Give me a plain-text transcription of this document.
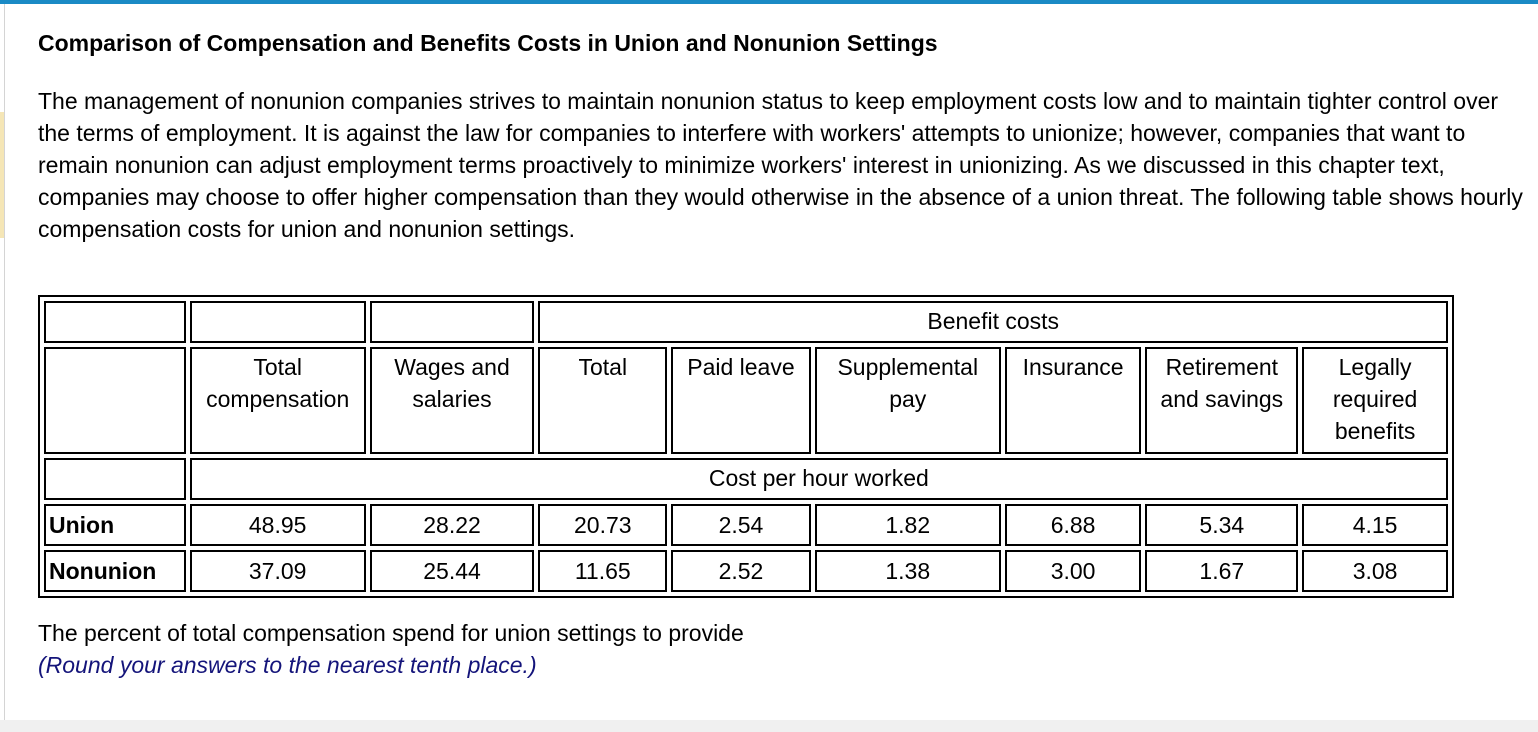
Comparison of Compensation and Benefits Costs in Union and Nonunion Settings

The management of nonunion companies strives to maintain nonunion status to keep employment costs low and to maintain tighter control over the terms of employment. It is against the law for companies to interfere with workers' attempts to unionize; however, companies that want to remain nonunion can adjust employment terms proactively to minimize workers' interest in unionizing. As we discussed in this chapter text, companies may choose to offer higher compensation than they would otherwise in the absence of a union threat. The following table shows hourly compensation costs for union and nonunion settings.

			Benefit costs					
	Total compensation	Wages and salaries	Total	Paid leave	Supplemental pay	Insurance	Retirement and savings	Legally required benefits
	Cost per hour worked							
Union	48.95	28.22	20.73	2.54	1.82	6.88	5.34	4.15
Nonunion	37.09	25.44	11.65	2.52	1.38	3.00	1.67	3.08

The percent of total compensation spend for union settings to provide

(Round your answers to the nearest tenth place.)
